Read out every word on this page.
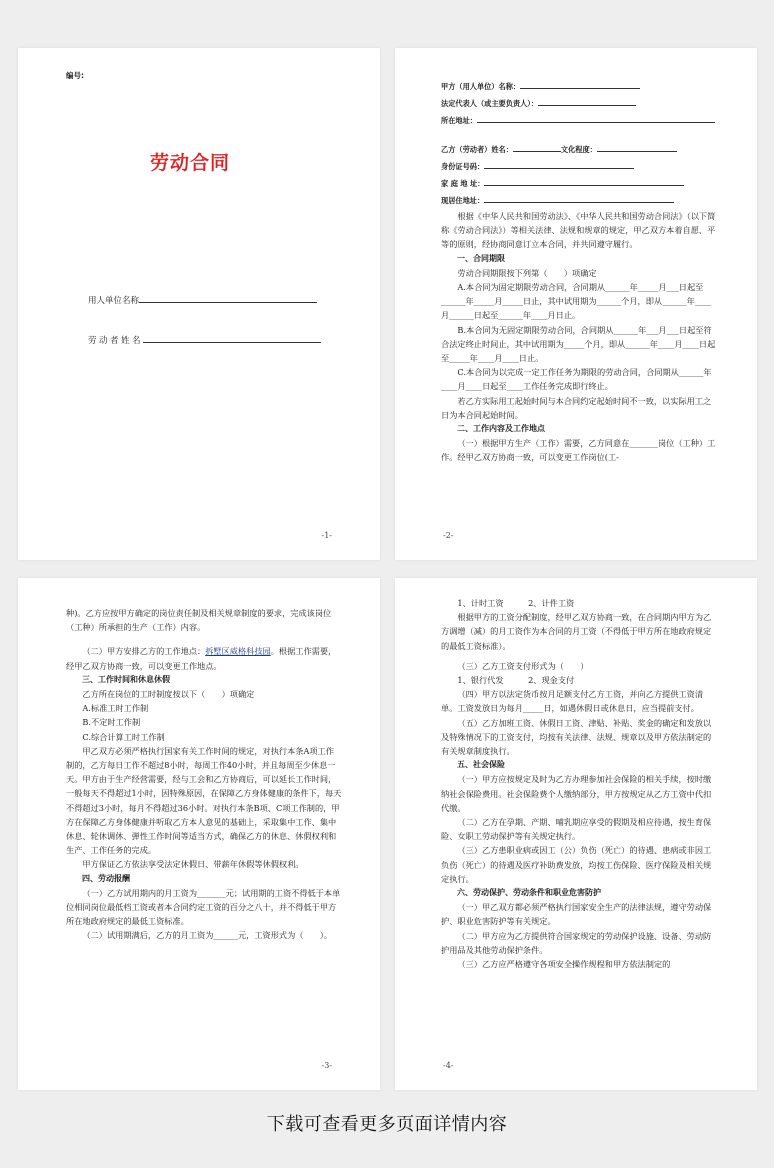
编号:
劳动合同
用人单位名称
劳动者姓名
-1-
甲方（用人单位）名称：
法定代表人（或主要负责人）：
所在地址：
乙方（劳动者）姓名：	文化程度：
身份证号码：
家 庭 地 址：
现居住地址：

根据《中华人民共和国劳动法》、《中华人民共和国劳动合同法》（以下简称《劳动合同法》）等相关法律、法规和规章的规定，甲乙双方本着自愿、平等的原则，经协商同意订立本合同，并共同遵守履行。

一、合同期限

劳动合同期限按下列第（　　）项确定

A.本合同为固定期限劳动合同，合同期从______年_____月___日起至______年_____月_____日止，其中试用期为______个月，即从______年____月______日起至______年____月日止。

B.本合同为无固定期限劳动合同，合同期从______年___月___日起至符合法定终止时间止，其中试用期为_____个月，即从______年____月____日起至_____年____月____日止。

C.本合同为以完成一定工作任务为期限的劳动合同，合同期从______年____月____日起至____工作任务完成即行终止。

若乙方实际用工起始时间与本合同约定起始时间不一致，以实际用工之日为本合同起始时间。

二、工作内容及工作地点

（一）根据甲方生产（工作）需要，乙方同意在_______岗位（工种）工作。经甲乙双方协商一致，可以变更工作岗位(工-

-2-

种)。乙方应按甲方确定的岗位责任制及相关规章制度的要求，完成该岗位（工种）所承担的生产（工作）内容。

（二）甲方安排乙方的工作地点：拆墅区威格科技园。根据工作需要，经甲乙双方协商一致，可以变更工作地点。

三、工作时间和休息休假

乙方所在岗位的工时制度按以下（　　）项确定

A.标准工时工作制

B.不定时工作制

C.综合计算工时工作制

甲乙双方必须严格执行国家有关工作时间的规定，对执行本条A项工作制的，乙方每日工作不超过8小时，每周工作40小时，并且每周至少休息一天。甲方由于生产经营需要，经与工会和乙方协商后，可以延长工作时间，一般每天不得超过1小时，因特殊原因，在保障乙方身体健康的条件下，每天不得超过3小时，每月不得超过36小时。对执行本条B项、C项工作制的，甲方在保障乙方身体健康并听取乙方本人意见的基础上，采取集中工作、集中休息、轮休调休、弹性工作时间等适当方式，确保乙方的休息、休假权利和生产、工作任务的完成。

甲方保证乙方依法享受法定休假日、带薪年休假等休假权利。

四、劳动报酬

（一）乙方试用期内的月工资为_______元；试用期的工资不得低于本单位相同岗位最低档工资或者本合同约定工资的百分之八十，并不得低于甲方所在地政府规定的最低工资标准。

（二）试用期满后，乙方的月工资为______元，工资形式为（　　）。

-3-

1、计时工资　　　2、计件工资

根据甲方的工资分配制度，经甲乙双方协商一致，在合同期内甲方为乙方调增（减）的月工资作为本合同的月工资（不得低于甲方所在地政府规定的最低工资标准）。

（三）乙方工资支付形式为（　　）

1、银行代发　　　2、现金支付

（四）甲方以法定货币按月足额支付乙方工资，并向乙方提供工资清单。工资发放日为每月_____日，如遇休假日或休息日，应当提前支付。

（五）乙方加班工资、休假日工资、津贴、补贴、奖金的确定和发放以及特殊情况下的工资支付，均按有关法律、法规、规章以及甲方依法制定的有关规章制度执行。

五、社会保险

（一）甲方应按规定及时为乙方办理参加社会保险的相关手续，按时缴纳社会保险费用。社会保险费个人缴纳部分，甲方按规定从乙方工资中代扣代缴。

（二）乙方在孕期、产期、哺乳期应享受的假期及相应待遇，按生育保险、女职工劳动保护等有关规定执行。

（三）乙方患职业病或因工（公）负伤（死亡）的待遇、患病或非因工负伤（死亡）的待遇及医疗补助费发放，均按工伤保险、医疗保险及相关规定执行。

六、劳动保护、劳动条件和职业危害防护

（一）甲乙双方都必须严格执行国家安全生产的法律法规，遵守劳动保护、职业危害防护等有关规定。

（二）甲方应为乙方提供符合国家规定的劳动保护设施、设备、劳动防护用品及其他劳动保护条件。

（三）乙方应严格遵守各项安全操作规程和甲方依法制定的

-4-
下载可查看更多页面详情内容
